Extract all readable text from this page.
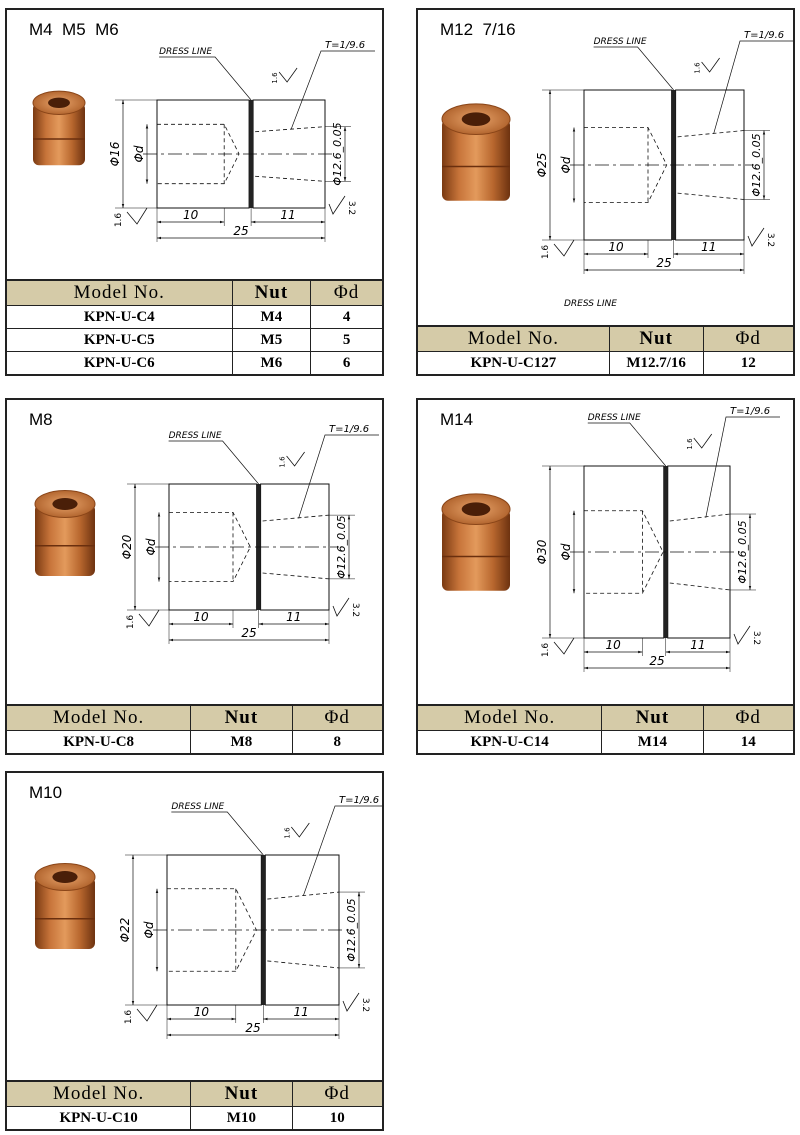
M4  M5  M6
Φ16 Φd	Φ12.6_0.05
10	11
25
1.6
3.2
1.6
DRESS LINE
T=1/9.6
Model No.	Nut	Φd
KPN-U-C4	M4	4
KPN-U-C5	M5	5
KPN-U-C6	M6	6
M12  7/16
Φ25 Φd	Φ12.6_0.05
10	11
25
1.6
3.2
1.6
DRESS LINE
T=1/9.6
DRESS LINE
Model No.	Nut	Φd
KPN-U-C127	M12.7/16	12
M8
Φ20 Φd	Φ12.6_0.05
10	11
25
1.6
3.2
1.6
DRESS LINE
T=1/9.6
Model No.	Nut	Φd
KPN-U-C8	M8	8
M14
Φ30 Φd	Φ12.6_0.05
10	11
25
1.6
3.2
1.6
DRESS LINE
T=1/9.6
Model No.	Nut	Φd
KPN-U-C14	M14	14
M10
Φ22 Φd	Φ12.6_0.05
10	11
25
1.6
3.2
1.6
DRESS LINE
T=1/9.6
Model No.	Nut	Φd
KPN-U-C10	M10	10
